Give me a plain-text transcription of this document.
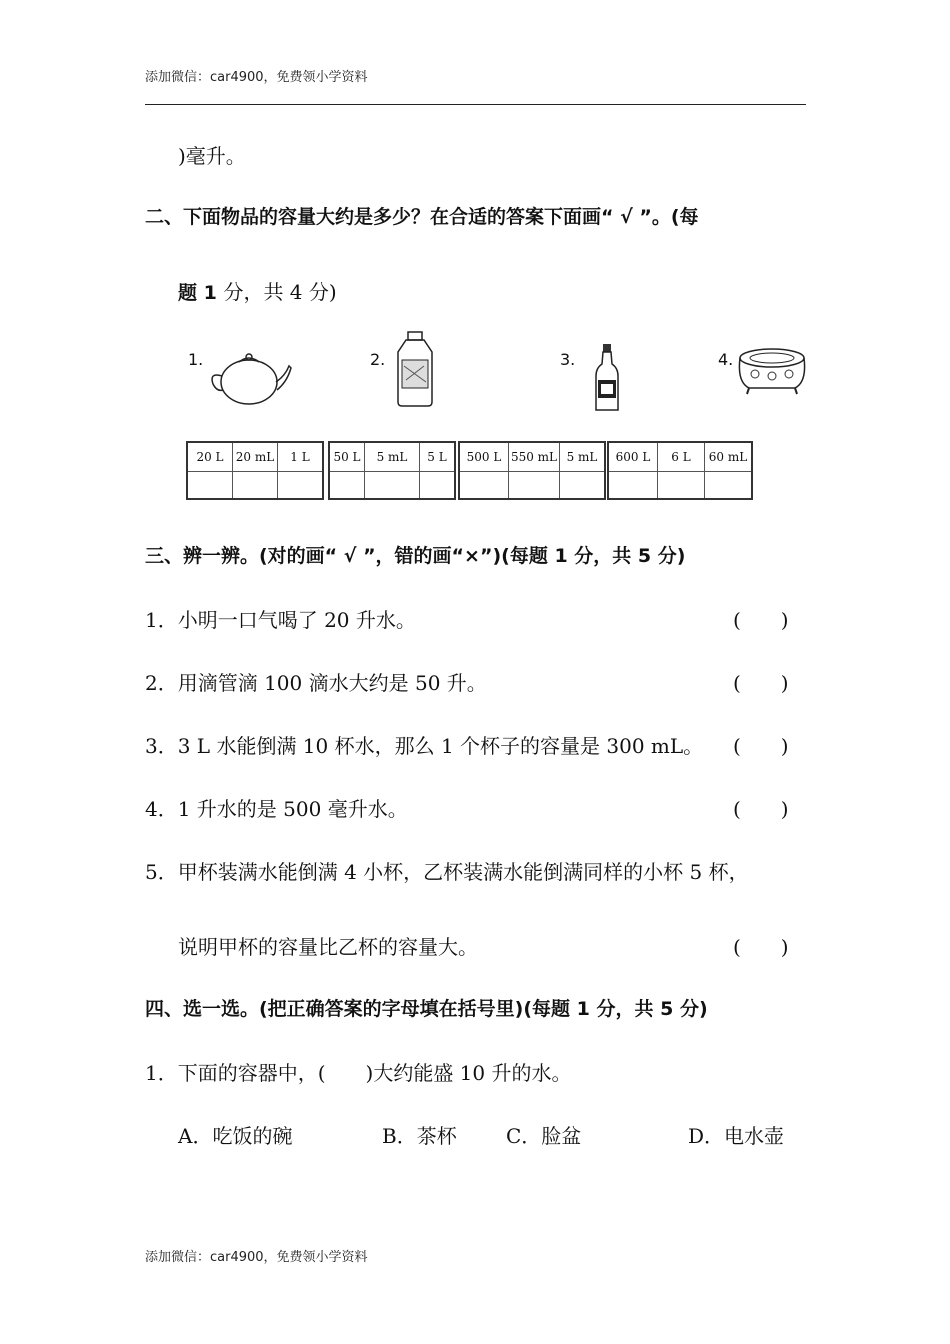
添加微信：car4900，免费领小学资料
)毫升。
二、下面物品的容量大约是多少？在合适的答案下面画“ √ ”。(每
题 1 分，共 4 分)
1.	2.	3.	4.
20 L	20 mL	1 L	50 L	5 mL	5 L	500 L 550 mL 5 mL	600 L	6 L	60 mL
三、辨一辨。(对的画“ √ ”，错的画“×”)(每题 1 分，共 5 分)
1．小明一口气喝了 20 升水。	(　　)
2．用滴管滴 100 滴水大约是 50 升。	(　　)
3．3 L 水能倒满 10 杯水，那么 1 个杯子的容量是 300 mL。 (　　)
4．1 升水的是 500 毫升水。	(　　)
5．甲杯装满水能倒满 4 小杯，乙杯装满水能倒满同样的小杯 5 杯，
说明甲杯的容量比乙杯的容量大。	(　　)
四、选一选。(把正确答案的字母填在括号里)(每题 1 分，共 5 分)
1．下面的容器中，(　　)大约能盛 10 升的水。
A．吃饭的碗	B．茶杯 C．脸盆	D．电水壶
添加微信：car4900，免费领小学资料
